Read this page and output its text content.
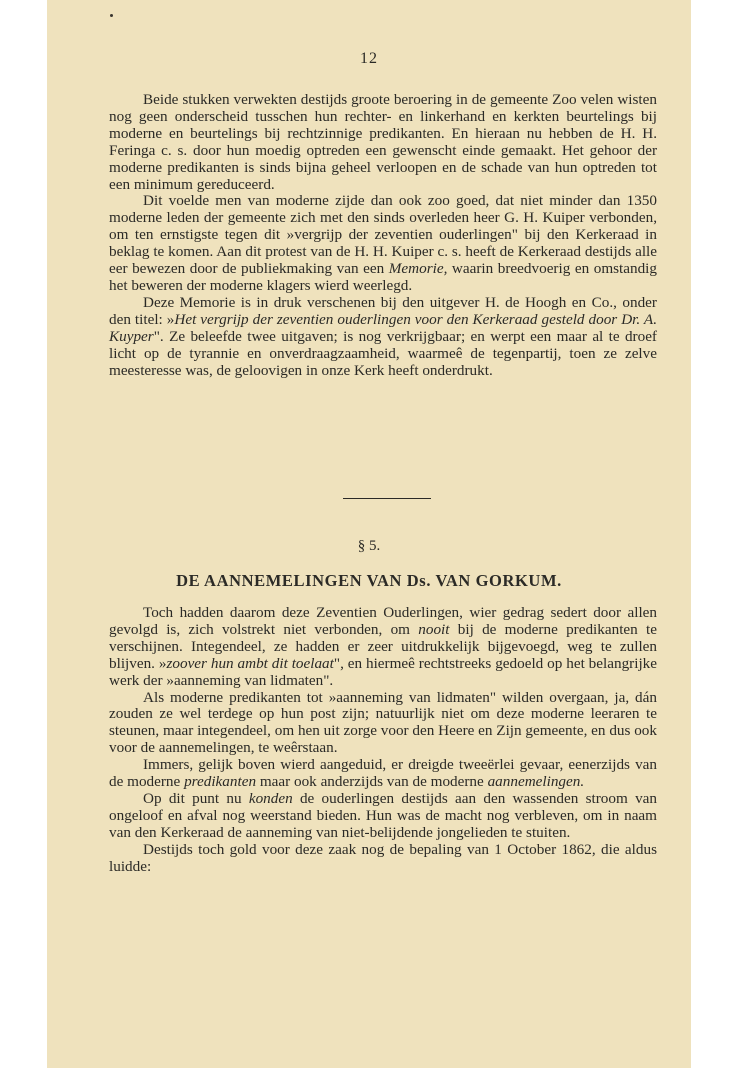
12

Beide stukken verwekten destijds groote beroering in de gemeente Zoo velen wisten nog geen onderscheid tusschen hun rechter- en linkerhand en kerkten beurtelings bij moderne en beurtelings bij rechtzinnige predikanten. En hieraan nu hebben de H. H. Feringa c. s. door hun moedig optreden een gewenscht einde gemaakt. Het gehoor der moderne predikanten is sinds bijna geheel verloopen en de schade van hun optreden tot een minimum gereduceerd.

Dit voelde men van moderne zijde dan ook zoo goed, dat niet minder dan 1350 moderne leden der gemeente zich met den sinds overleden heer G. H. Kuiper verbonden, om ten ernstigste tegen dit »vergrijp der zeventien ouderlingen" bij den Kerkeraad in beklag te komen. Aan dit protest van de H. H. Kuiper c. s. heeft de Kerkeraad destijds alle eer bewezen door de publiekmaking van een Memorie, waarin breedvoerig en omstandig het beweren der moderne klagers wierd weerlegd.

Deze Memorie is in druk verschenen bij den uitgever H. de Hoogh en Co., onder den titel: »Het vergrijp der zeventien ouderlingen voor den Kerkeraad gesteld door Dr. A. Kuyper". Ze beleefde twee uitgaven; is nog verkrijgbaar; en werpt een maar al te droef licht op de tyrannie en onverdraagzaamheid, waarmeê de tegenpartij, toen ze zelve meesteresse was, de geloovigen in onze Kerk heeft onderdrukt.

§ 5.
DE AANNEMELINGEN VAN Ds. VAN GORKUM.

Toch hadden daarom deze Zeventien Ouderlingen, wier gedrag sedert door allen gevolgd is, zich volstrekt niet verbonden, om nooit bij de moderne predikanten te verschijnen. Integendeel, ze hadden er zeer uitdrukkelijk bijgevoegd, weg te zullen blijven. »zoover hun ambt dit toelaat", en hiermeê rechtstreeks gedoeld op het belangrijke werk der »aanneming van lidmaten".

Als moderne predikanten tot »aanneming van lidmaten" wilden overgaan, ja, dán zouden ze wel terdege op hun post zijn; natuurlijk niet om deze moderne leeraren te steunen, maar integendeel, om hen uit zorge voor den Heere en Zijn gemeente, en dus ook voor de aannemelingen, te weêrstaan.

Immers, gelijk boven wierd aangeduid, er dreigde tweeërlei gevaar, eenerzijds van de moderne predikanten maar ook anderzijds van de moderne aannemelingen.

Op dit punt nu konden de ouderlingen destijds aan den wassenden stroom van ongeloof en afval nog weerstand bieden. Hun was de macht nog verbleven, om in naam van den Kerkeraad de aanneming van niet-belijdende jongelieden te stuiten.

Destijds toch gold voor deze zaak nog de bepaling van 1 October 1862, die aldus luidde:
